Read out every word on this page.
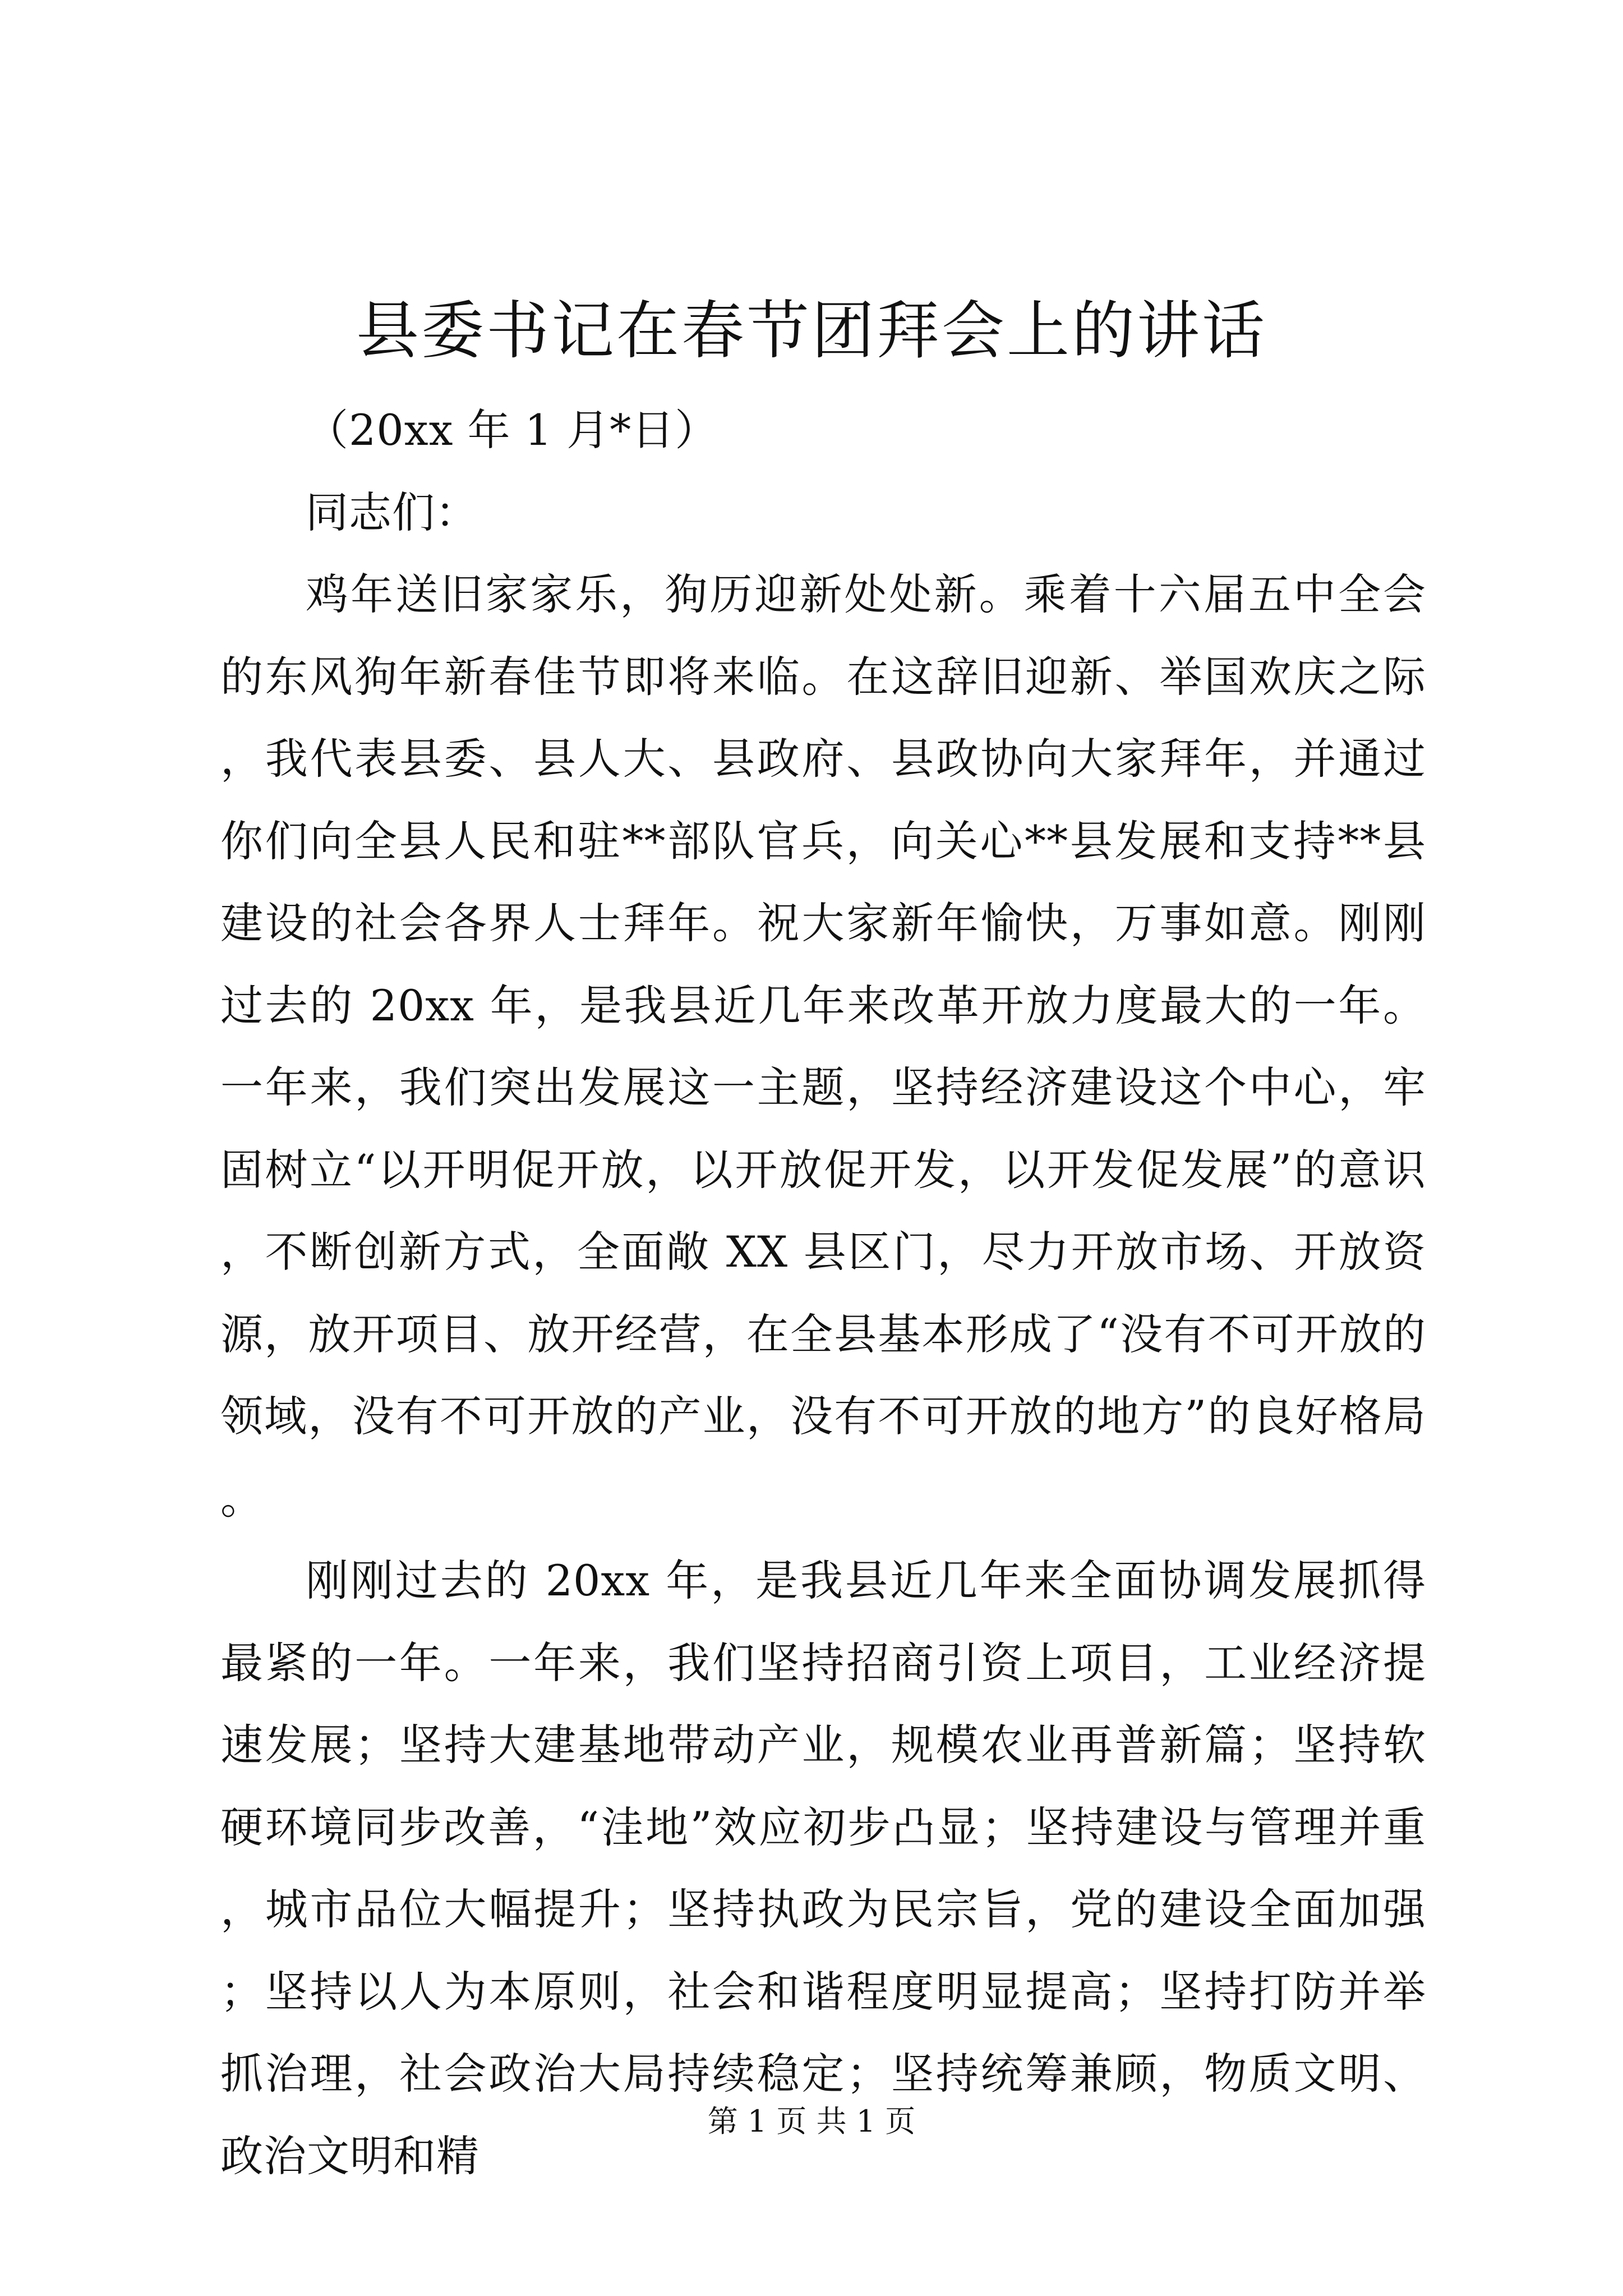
县委书记在春节团拜会上的讲话

（20xx 年 1 月*日）

同志们：

鸡年送旧家家乐，狗历迎新处处新。乘着十六届五中全会的东风狗年新春佳节即将来临。在这辞旧迎新、举国欢庆之际，我代表县委、县人大、县政府、县政协向大家拜年，并通过你们向全县人民和驻**部队官兵，向关心**县发展和支持**县建设的社会各界人士拜年。祝大家新年愉快，万事如意。刚刚过去的 20xx 年，是我县近几年来改革开放力度最大的一年。一年来，我们突出发展这一主题，坚持经济建设这个中心，牢固树立“以开明促开放，以开放促开发，以开发促发展”的意识，不断创新方式，全面敞 XX 县区门，尽力开放市场、开放资源，放开项目、放开经营，在全县基本形成了“没有不可开放的领域，没有不可开放的产业，没有不可开放的地方”的良好格局。

刚刚过去的 20xx 年，是我县近几年来全面协调发展抓得最紧的一年。一年来，我们坚持招商引资上项目，工业经济提速发展；坚持大建基地带动产业，规模农业再普新篇；坚持软硬环境同步改善，“洼地”效应初步凸显；坚持建设与管理并重，城市品位大幅提升；坚持执政为民宗旨，党的建设全面加强；坚持以人为本原则，社会和谐程度明显提高；坚持打防并举抓治理，社会政治大局持续稳定；坚持统筹兼顾，物质文明、政治文明和精

第 1 页 共 1 页
